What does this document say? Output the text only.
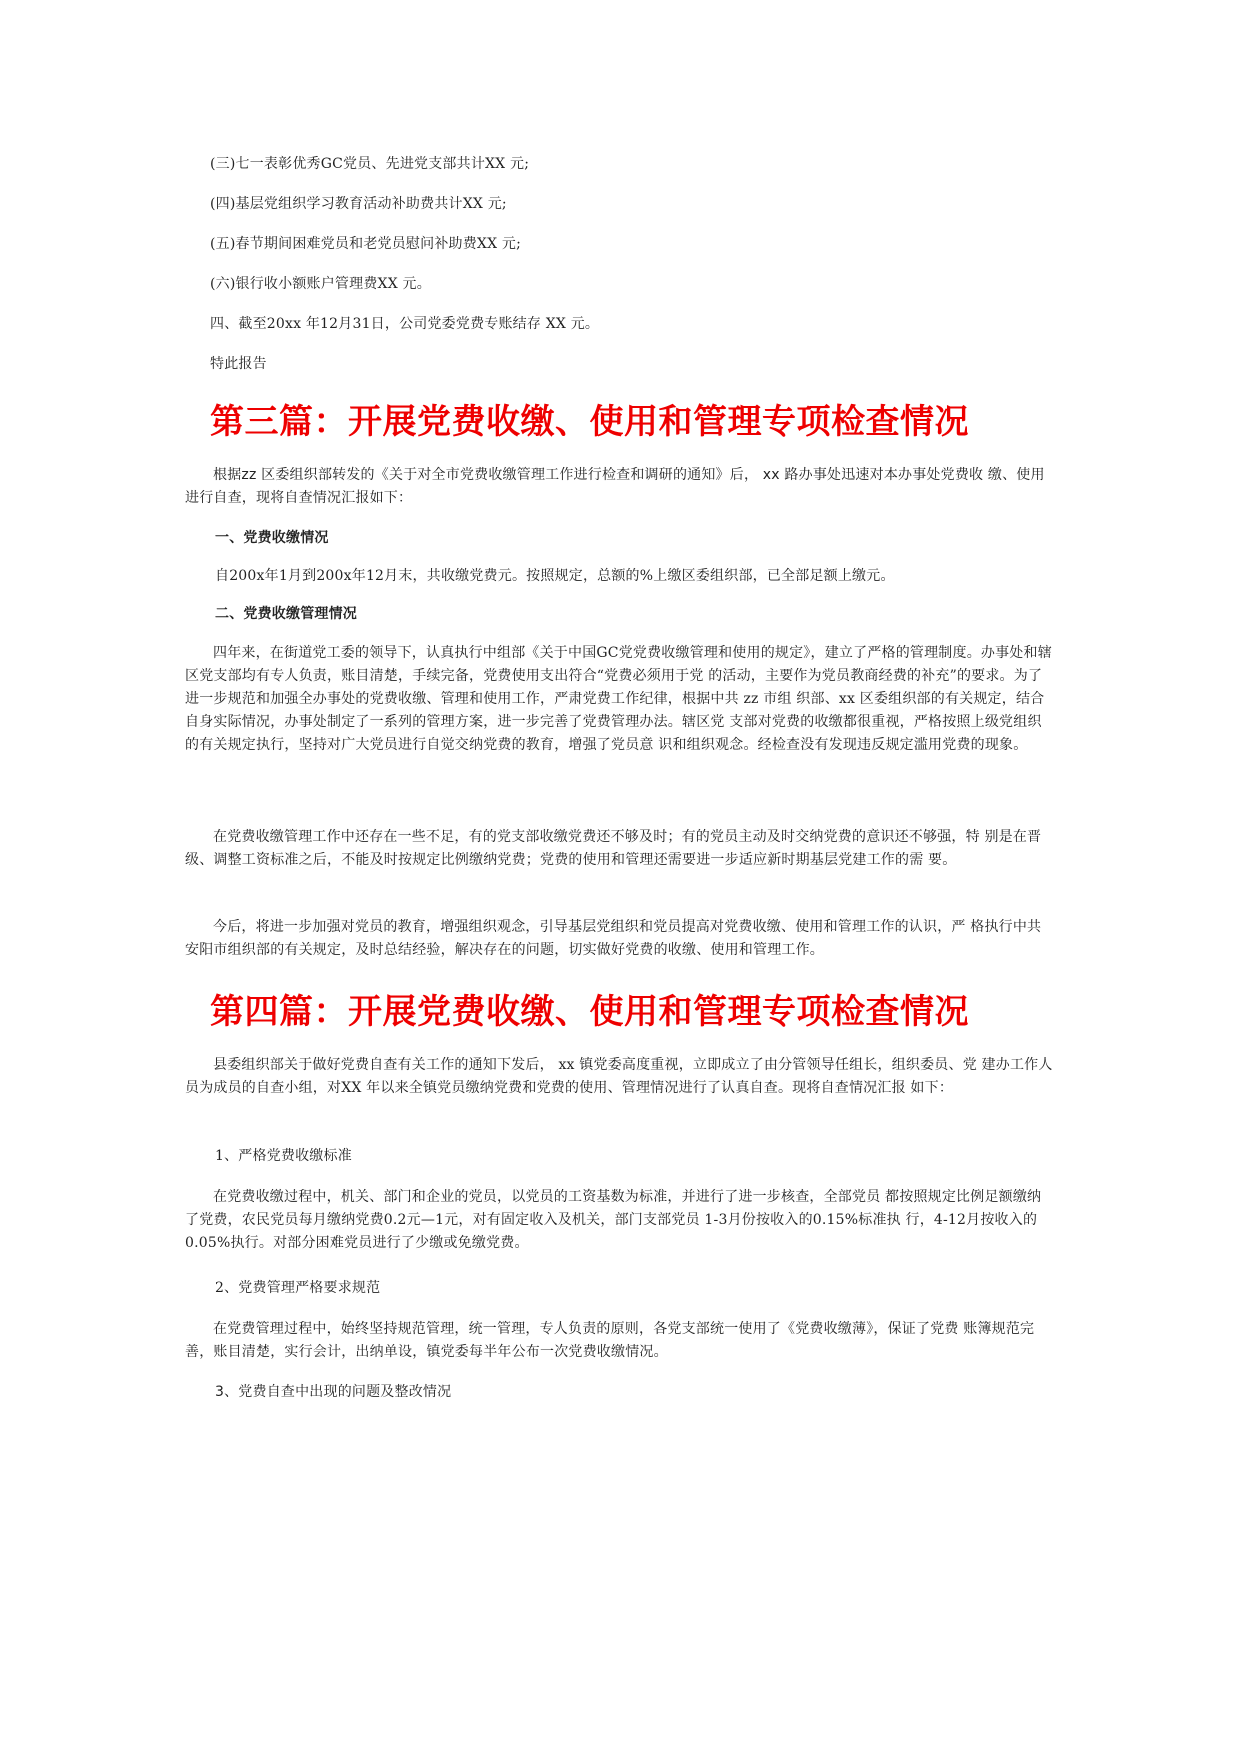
(三)七一表彰优秀GC党员、先进党支部共计XX 元;
(四)基层党组织学习教育活动补助费共计XX 元;
(五)春节期间困难党员和老党员慰问补助费XX 元;
(六)银行收小额账户管理费XX 元。
四、截至20xx 年12月31日，公司党委党费专账结存 XX 元。
特此报告
第三篇：开展党费收缴、使用和管理专项检查情况
根据zz 区委组织部转发的《关于对全市党费收缴管理工作进行检查和调研的通知》后， xx 路办事处迅速对本办事处党费收 缴、使用进行自查，现将自查情况汇报如下：
一、党费收缴情况
自200x年1月到200x年12月末，共收缴党费元。按照规定，总额的%上缴区委组织部，已全部足额上缴元。
二、党费收缴管理情况
四年来，在街道党工委的领导下，认真执行中组部《关于中国GC党党费收缴管理和使用的规定》，建立了严格的管理制度。办事处和辖区党支部均有专人负责，账目清楚，手续完备，党费使用支出符合“党费必须用于党 的活动，主要作为党员教商经费的补充”的要求。为了进一步规范和加强全办事处的党费收缴、管理和使用工作，严肃党费工作纪律，根据中共 zz 市组 织部、xx 区委组织部的有关规定，结合自身实际情况，办事处制定了一系列的管理方案，进一步完善了党费管理办法。辖区党 支部对党费的收缴都很重视，严格按照上级党组织的有关规定执行，坚持对广大党员进行自觉交纳党费的教育，增强了党员意 识和组织观念。经检查没有发现违反规定滥用党费的现象。
在党费收缴管理工作中还存在一些不足，有的党支部收缴党费还不够及时；有的党员主动及时交纳党费的意识还不够强，特 别是在晋级、调整工资标准之后，不能及时按规定比例缴纳党费；党费的使用和管理还需要进一步适应新时期基层党建工作的需 要。
今后，将进一步加强对党员的教育，增强组织观念，引导基层党组织和党员提高对党费收缴、使用和管理工作的认识，严 格执行中共安阳市组织部的有关规定，及时总结经验，解决存在的问题，切实做好党费的收缴、使用和管理工作。
第四篇：开展党费收缴、使用和管理专项检查情况
县委组织部关于做好党费自查有关工作的通知下发后， xx 镇党委高度重视，立即成立了由分管领导任组长，组织委员、党 建办工作人员为成员的自查小组，对XX 年以来全镇党员缴纳党费和党费的使用、管理情况进行了认真自查。现将自查情况汇报 如下：
1、严格党费收缴标准
在党费收缴过程中，机关、部门和企业的党员，以党员的工资基数为标准，并进行了进一步核查，全部党员 都按照规定比例足额缴纳了党费，农民党员每月缴纳党费0.2元—1元，对有固定收入及机关，部门支部党员 1-3月份按收入的0.15%标准执 行，4-12月按收入的0.05%执行。对部分困难党员进行了少缴或免缴党费。
2、党费管理严格要求规范
在党费管理过程中，始终坚持规范管理，统一管理，专人负责的原则，各党支部统一使用了《党费收缴薄》，保证了党费 账簿规范完善，账目清楚，实行会计，出纳单设，镇党委每半年公布一次党费收缴情况。
3、党费自查中出现的问题及整改情况
